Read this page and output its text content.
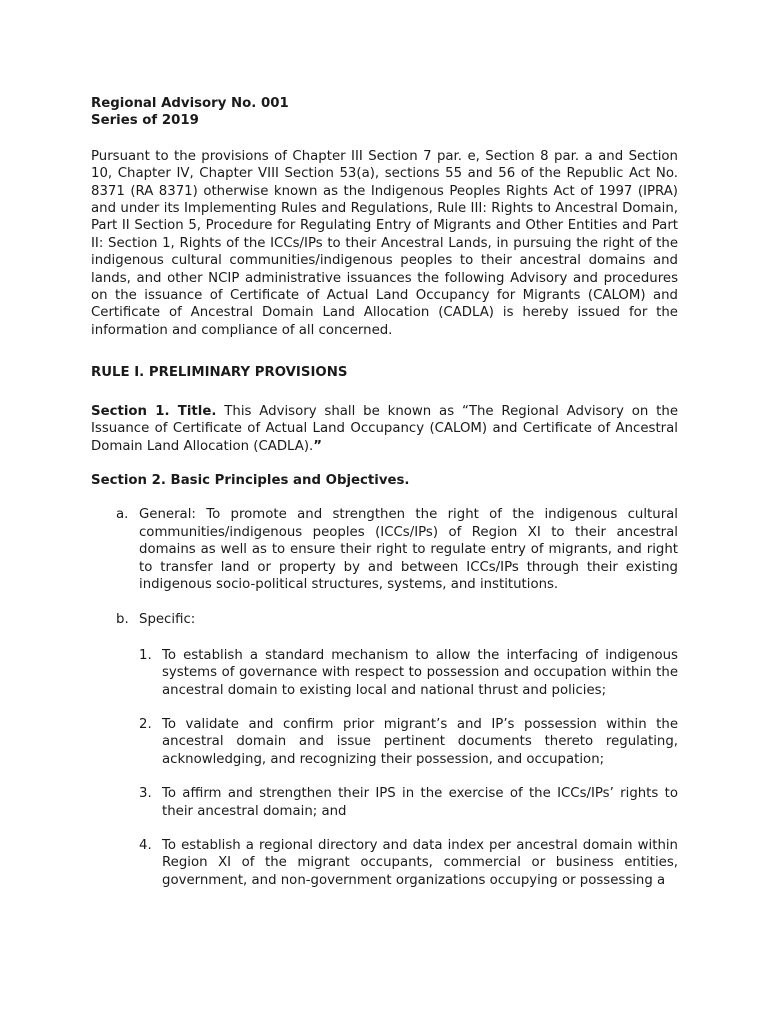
Regional Advisory No. 001
Series of 2019

Pursuant to the provisions of Chapter III Section 7 par. e, Section 8 par. a and Section 10, Chapter IV, Chapter VIII Section 53(a), sections 55 and 56 of the Republic Act No. 8371 (RA 8371) otherwise known as the Indigenous Peoples Rights Act of 1997 (IPRA) and under its Implementing Rules and Regulations, Rule III: Rights to Ancestral Domain, Part II Section 5, Procedure for Regulating Entry of Migrants and Other Entities and Part II: Section 1, Rights of the ICCs/IPs to their Ancestral Lands, in pursuing the right of the indigenous cultural communities/indigenous peoples to their ancestral domains and lands, and other NCIP administrative issuances the following Advisory and procedures on the issuance of Certificate of Actual Land Occupancy for Migrants (CALOM) and Certificate of Ancestral Domain Land Allocation (CADLA) is hereby issued for the information and compliance of all concerned.

RULE I. PRELIMINARY PROVISIONS

Section 1. Title. This Advisory shall be known as “The Regional Advisory on the Issuance of Certificate of Actual Land Occupancy (CALOM) and Certificate of Ancestral Domain Land Allocation (CADLA).”

Section 2. Basic Principles and Objectives.
a. General: To promote and strengthen the right of the indigenous cultural communities/indigenous peoples (ICCs/IPs) of Region XI to their ancestral domains as well as to ensure their right to regulate entry of migrants, and right to transfer land or property by and between ICCs/IPs through their existing indigenous socio-political structures, systems, and institutions.
b. Specific:
1. To establish a standard mechanism to allow the interfacing of indigenous systems of governance with respect to possession and occupation within the ancestral domain to existing local and national thrust and policies;
2. To validate and confirm prior migrant’s and IP’s possession within the ancestral domain and issue pertinent documents thereto regulating, acknowledging, and recognizing their possession, and occupation;
3. To affirm and strengthen their IPS in the exercise of the ICCs/IPs’ rights to their ancestral domain; and
4. To establish a regional directory and data index per ancestral domain within Region XI of the migrant occupants, commercial or business entities, government, and non-government organizations occupying or possessing a
